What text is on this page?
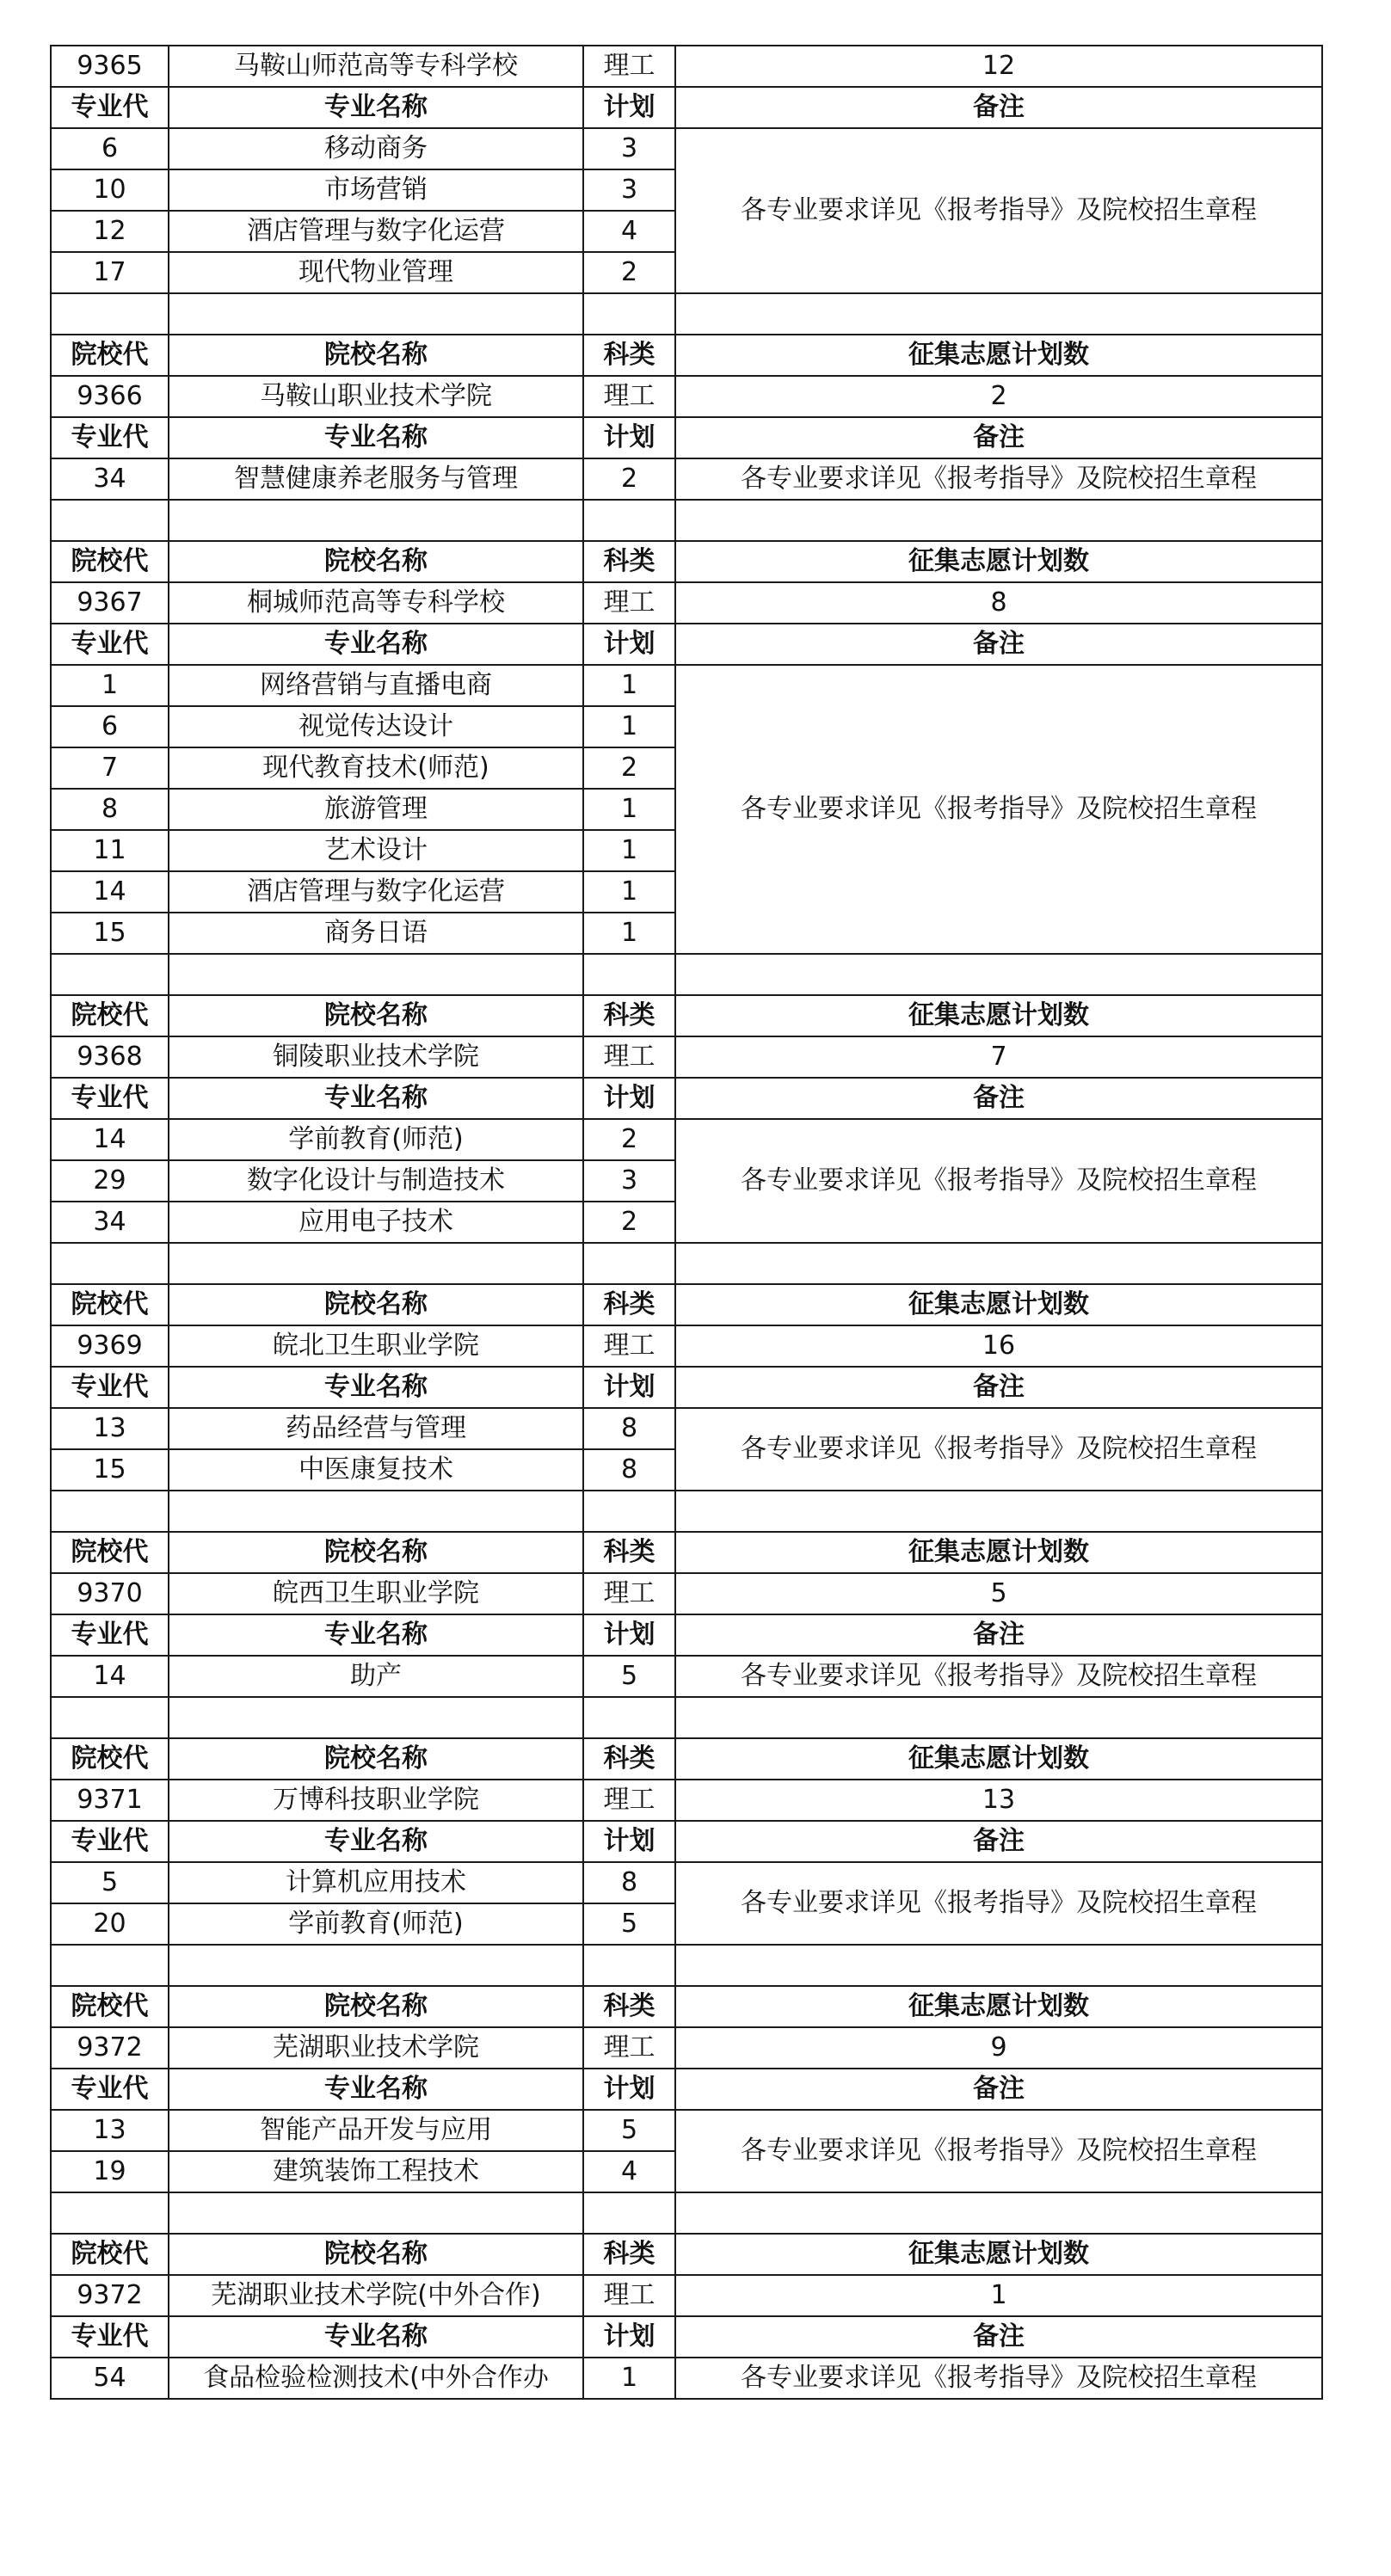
9365	马鞍山师范高等专科学校	理工	12
专业代	专业名称	计划	备注
6	移动商务	3	各专业要求详见《报考指导》及院校招生章程
10	市场营销	3	
12	酒店管理与数字化运营	4	
17	现代物业管理	2	

院校代	院校名称	科类	征集志愿计划数
9366	马鞍山职业技术学院	理工	2
专业代	专业名称	计划	备注
34	智慧健康养老服务与管理	2	各专业要求详见《报考指导》及院校招生章程

院校代	院校名称	科类	征集志愿计划数
9367	桐城师范高等专科学校	理工	8
专业代	专业名称	计划	备注
1	网络营销与直播电商	1	各专业要求详见《报考指导》及院校招生章程
6	视觉传达设计	1	
7	现代教育技术(师范)	2	
8	旅游管理	1	
11	艺术设计	1	
14	酒店管理与数字化运营	1	
15	商务日语	1	

院校代	院校名称	科类	征集志愿计划数
9368	铜陵职业技术学院	理工	7
专业代	专业名称	计划	备注
14	学前教育(师范)	2	各专业要求详见《报考指导》及院校招生章程
29	数字化设计与制造技术	3	
34	应用电子技术	2	

院校代	院校名称	科类	征集志愿计划数
9369	皖北卫生职业学院	理工	16
专业代	专业名称	计划	备注
13	药品经营与管理	8	各专业要求详见《报考指导》及院校招生章程
15	中医康复技术	8	

院校代	院校名称	科类	征集志愿计划数
9370	皖西卫生职业学院	理工	5
专业代	专业名称	计划	备注
14	助产	5	各专业要求详见《报考指导》及院校招生章程

院校代	院校名称	科类	征集志愿计划数
9371	万博科技职业学院	理工	13
专业代	专业名称	计划	备注
5	计算机应用技术	8	各专业要求详见《报考指导》及院校招生章程
20	学前教育(师范)	5	

院校代	院校名称	科类	征集志愿计划数
9372	芜湖职业技术学院	理工	9
专业代	专业名称	计划	备注
13	智能产品开发与应用	5	各专业要求详见《报考指导》及院校招生章程
19	建筑装饰工程技术	4	

院校代	院校名称	科类	征集志愿计划数
9372	芜湖职业技术学院(中外合作)	理工	1
专业代	专业名称	计划	备注
54	食品检验检测技术(中外合作办	1	各专业要求详见《报考指导》及院校招生章程
